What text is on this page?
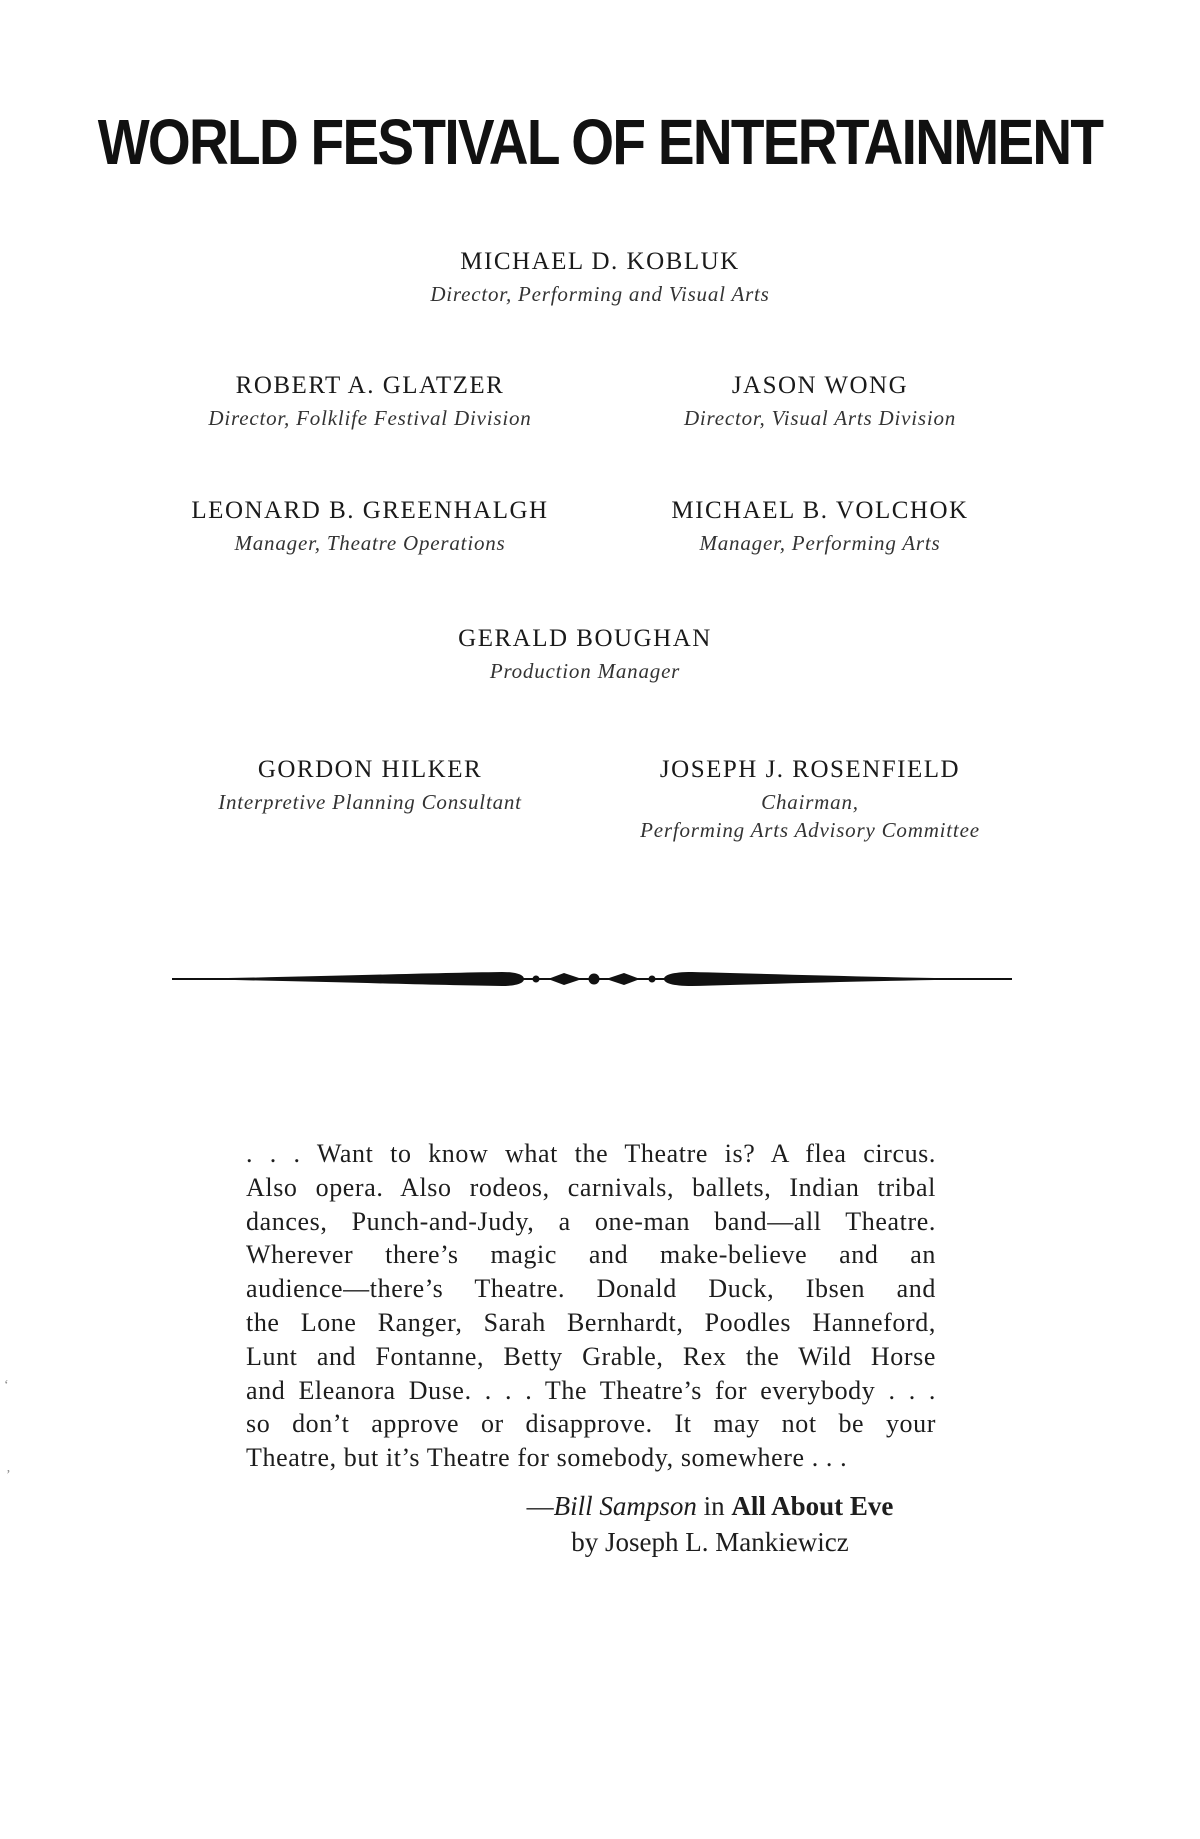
WORLD FESTIVAL OF ENTERTAINMENT
MICHAEL D. KOBLUK
Director, Performing and Visual Arts
ROBERT A. GLATZER
Director, Folklife Festival Division
JASON WONG
Director, Visual Arts Division
LEONARD B. GREENHALGH
Manager, Theatre Operations
MICHAEL B. VOLCHOK
Manager, Performing Arts
GERALD BOUGHAN
Production Manager
GORDON HILKER
Interpretive Planning Consultant
JOSEPH J. ROSENFIELD
Chairman,
Performing Arts Advisory Committee
. . . Want to know what the Theatre is? A flea circus.
Also opera. Also rodeos, carnivals, ballets, Indian tribal
dances, Punch-and-Judy, a one-man band—all Theatre.
Wherever there’s magic and make-believe and an
audience—there’s Theatre. Donald Duck, Ibsen and
the Lone Ranger, Sarah Bernhardt, Poodles Hanneford,
Lunt and Fontanne, Betty Grable, Rex the Wild Horse
and Eleanora Duse. . . . The Theatre’s for everybody . . .
so don’t approve or disapprove. It may not be your
Theatre, but it’s Theatre for somebody, somewhere . . .
—Bill Sampson in All About Eve
by Joseph L. Mankiewicz
‘
’
